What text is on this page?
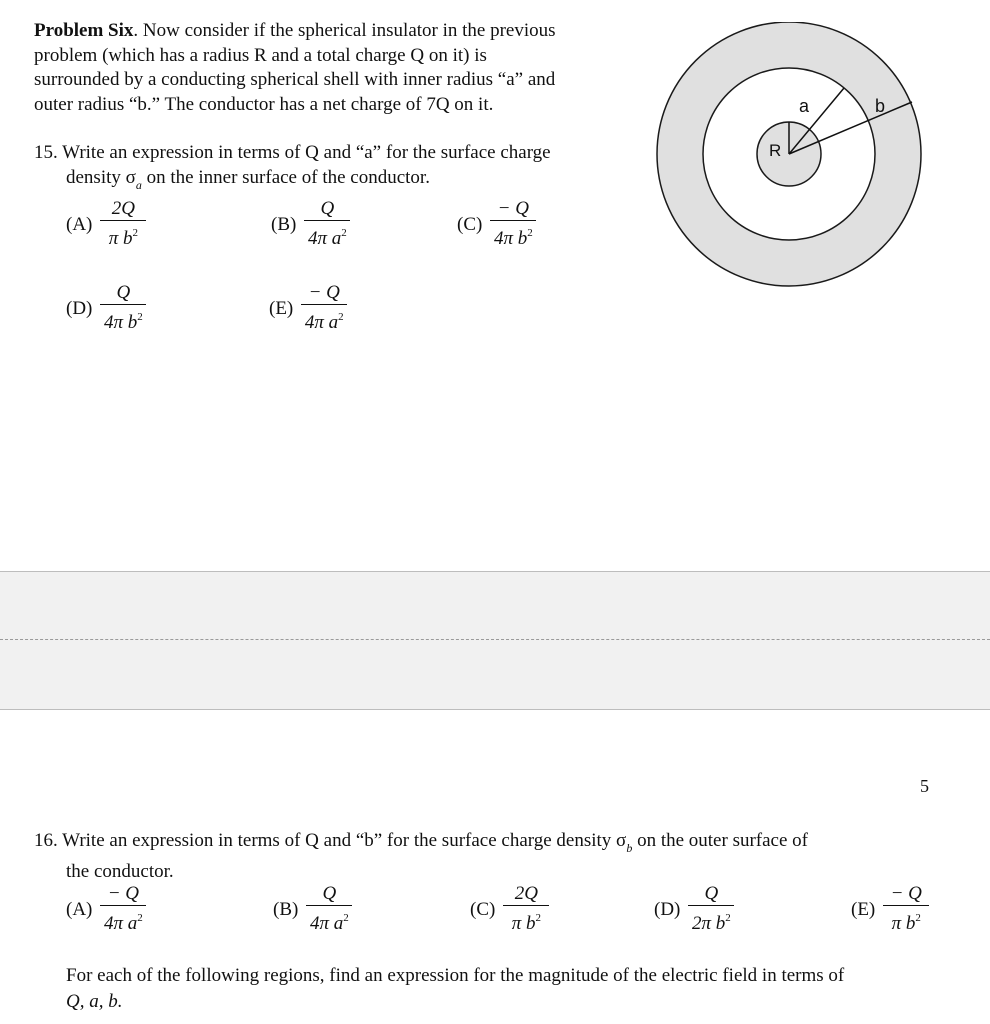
Problem Six. Now consider if the spherical insulator in the previous
problem (which has a radius R and a total charge Q on it) is
surrounded by a conducting spherical shell with inner radius “a” and
outer radius “b.” The conductor has a net charge of 7Q on it.
R
a	b
15. Write an expression in terms of Q and “a” for the surface charge
density $\sigma_a$ on the inner surface of the conductor.
$(A) \frac{2Q}{\pi b^2}$	$(B) \frac{Q}{4\pi a^2}$	$(C) \frac{- Q}{4\pi b^2}$
$(D) \frac{Q}{4\pi b^2}$	$(E) \frac{- Q}{4\pi a^2}$
5
16. Write an expression in terms of Q and “b” for the surface charge density $\sigma_b$ on the outer surface of
the conductor.
$(A) \frac{- Q}{4\pi a^2}$	$(B) \frac{Q}{4\pi a^2}$	$(C) \frac{2Q}{\pi b^2}$	$(D) \frac{Q}{2\pi b^2}$	$(E) \frac{- Q}{\pi b^2}$
For each of the following regions, find an expression for the magnitude of the electric field in terms of
Q, a, b.
